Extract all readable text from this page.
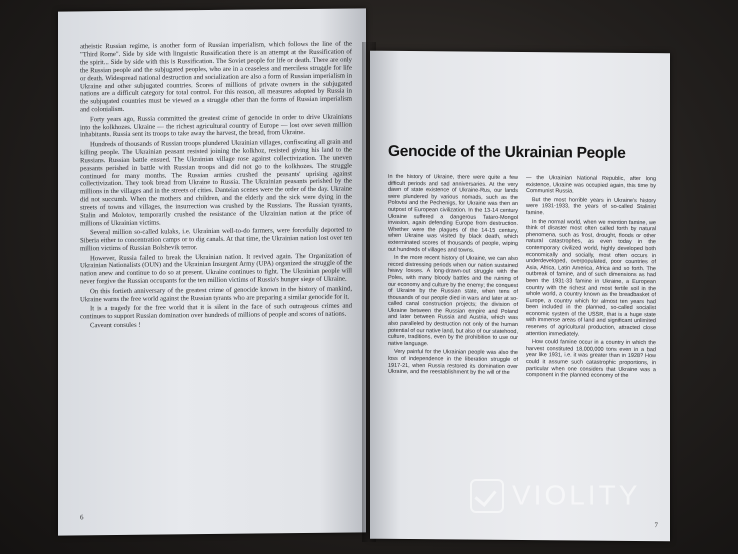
atheistic Russian regime, is another form of Russian imperialism, which follows the line of the "Third Rome". Side by side with linguistic Russification there is an attempt at the Russification of the spirit... Side by side with this is Russification. The Soviet people for life or death. There are only the Russian people and the subjugated peoples, who are in a ceaseless and merciless struggle for life or death. Widespread national destruction and socialization are also a form of Russian imperialism in Ukraine and other subjugated countries. Scores of millions of private owners in the subjugated nations are a difficult category for total control. For this reason, all measures adopted by Russia in the subjugated countries must be viewed as a struggle other than the forms of Russian imperialism and colonialism.

Forty years ago, Russia committed the greatest crime of genocide in order to drive Ukrainians into the kolkhozes. Ukraine — the richest agricultural country of Europe — lost over seven million inhabitants. Russia sent its troops to take away the harvest, the bread, from Ukraine.

Hundreds of thousands of Russian troops plundered Ukrainian villages, confiscating all grain and killing people. The Ukrainian peasant resisted joining the kolkhoz, resisted giving his land to the Russians. Russian battle ensued. The Ukrainian village rose against collectivization. The uneven peasants perished in battle with Russian troops and did not go to the kolkhozes. The struggle continued for many months. The Russian armies crushed the peasants' uprising against collectivization. They took bread from Ukraine to Russia. The Ukrainian peasants perished by the millions in the villages and in the streets of cities. Danteian scenes were the order of the day. Ukraine did not succumb. When the mothers and children, and the elderly and the sick were dying in the streets of towns and villages, the insurrection was crushed by the Russians. The Russian tyrants, Stalin and Molotov, temporarily crushed the resistance of the Ukrainian nation at the price of millions of Ukrainian victims.

Several million so-called kulaks, i.e. Ukrainian well-to-do farmers, were forcefully deported to Siberia either to concentration camps or to dig canals. At that time, the Ukrainian nation lost over ten million victims of Russian Bolshevik terror.

However, Russia failed to break the Ukrainian nation. It revived again. The Organization of Ukrainian Nationalists (OUN) and the Ukrainian Insurgent Army (UPA) organized the struggle of the nation anew and continue to do so at present. Ukraine continues to fight. The Ukrainian people will never forgive the Russian occupants for the ten million victims of Russia's hunger siege of Ukraine.

On this fortieth anniversary of the greatest crime of genocide known in the history of mankind, Ukraine warns the free world against the Russian tyrants who are preparing a similar genocide for it.

It is a tragedy for the free world that it is silent in the face of such outrageous crimes and continues to support Russian domination over hundreds of millions of people and scores of nations.

Caveant consules !

6
Genocide of the Ukrainian People

In the history of Ukraine, there were quite a few difficult periods and sad anniversaries. At the very dawn of state existence of Ukraine-Rus, our lands were plundered by various nomads, such as the Polovtsi and the Pechenigs, for Ukraine was then an outpost of European civilization. In the 13-14 century Ukraine suffered a dangerous Tataro-Mongol invasion, again defending Europe from destruction. Whether were the plagues of the 14-15 century, when Ukraine was visited by black death, which exterminated scores of thousands of people, wiping out hundreds of villages and towns.

In the more recent history of Ukraine, we can also record distressing periods when our nation sustained heavy losses. A long-drawn-out struggle with the Poles, with many bloody battles and the ruining of our economy and culture by the enemy; the conquest of Ukraine by the Russian state, when tens of thousands of our people died in wars and later at so-called canal construction projects; the division of Ukraine between the Russian empire and Poland and later between Russia and Austria, which was also paralleled by destruction not only of the human potential of our native land, but also of our statehood, culture, traditions, even by the prohibition to use our native language.

Very painful for the Ukrainian people was also the loss of independence in the liberation struggle of 1917-21, when Russia restored its domination over Ukraine, and the reestablishment by the will of the

— the Ukrainian National Republic, after long existence, Ukraine was occupied again, this time by Communist Russia.

But the most horrible years in Ukraine's history were 1931-1933, the years of so-called Stalinist famine.

In the normal world, when we mention famine, we think of disaster most often called forth by natural phenomena, such as frost, drought, floods or other natural catastrophes, as even today in the contemporary civilized world, highly developed both economically and socially, most often occurs in underdeveloped, overpopulated, poor countries of Asia, Africa, Latin America, Africa and so forth. The outbreak of famine, and of such dimensions as had been the 1931-33 famine in Ukraine, a European country with the richest and most fertile soil in the whole world, a country known as the breadbasket of Europe, a country which for almost ten years had been included in the planned, so-called socialist economic system of the USSR, that is a huge state with immense areas of land and significant unlimited reserves of agricultural production, attracted close attention immediately.

How could famine occur in a country in which the harvest constituted 18,000,000 tons even in a bad year like 1931, i.e. it was greater than in 1928? How could it assume such catastrophic proportions, in particular when one considers that Ukraine was a component in the planned economy of the

7
VIOLITY
